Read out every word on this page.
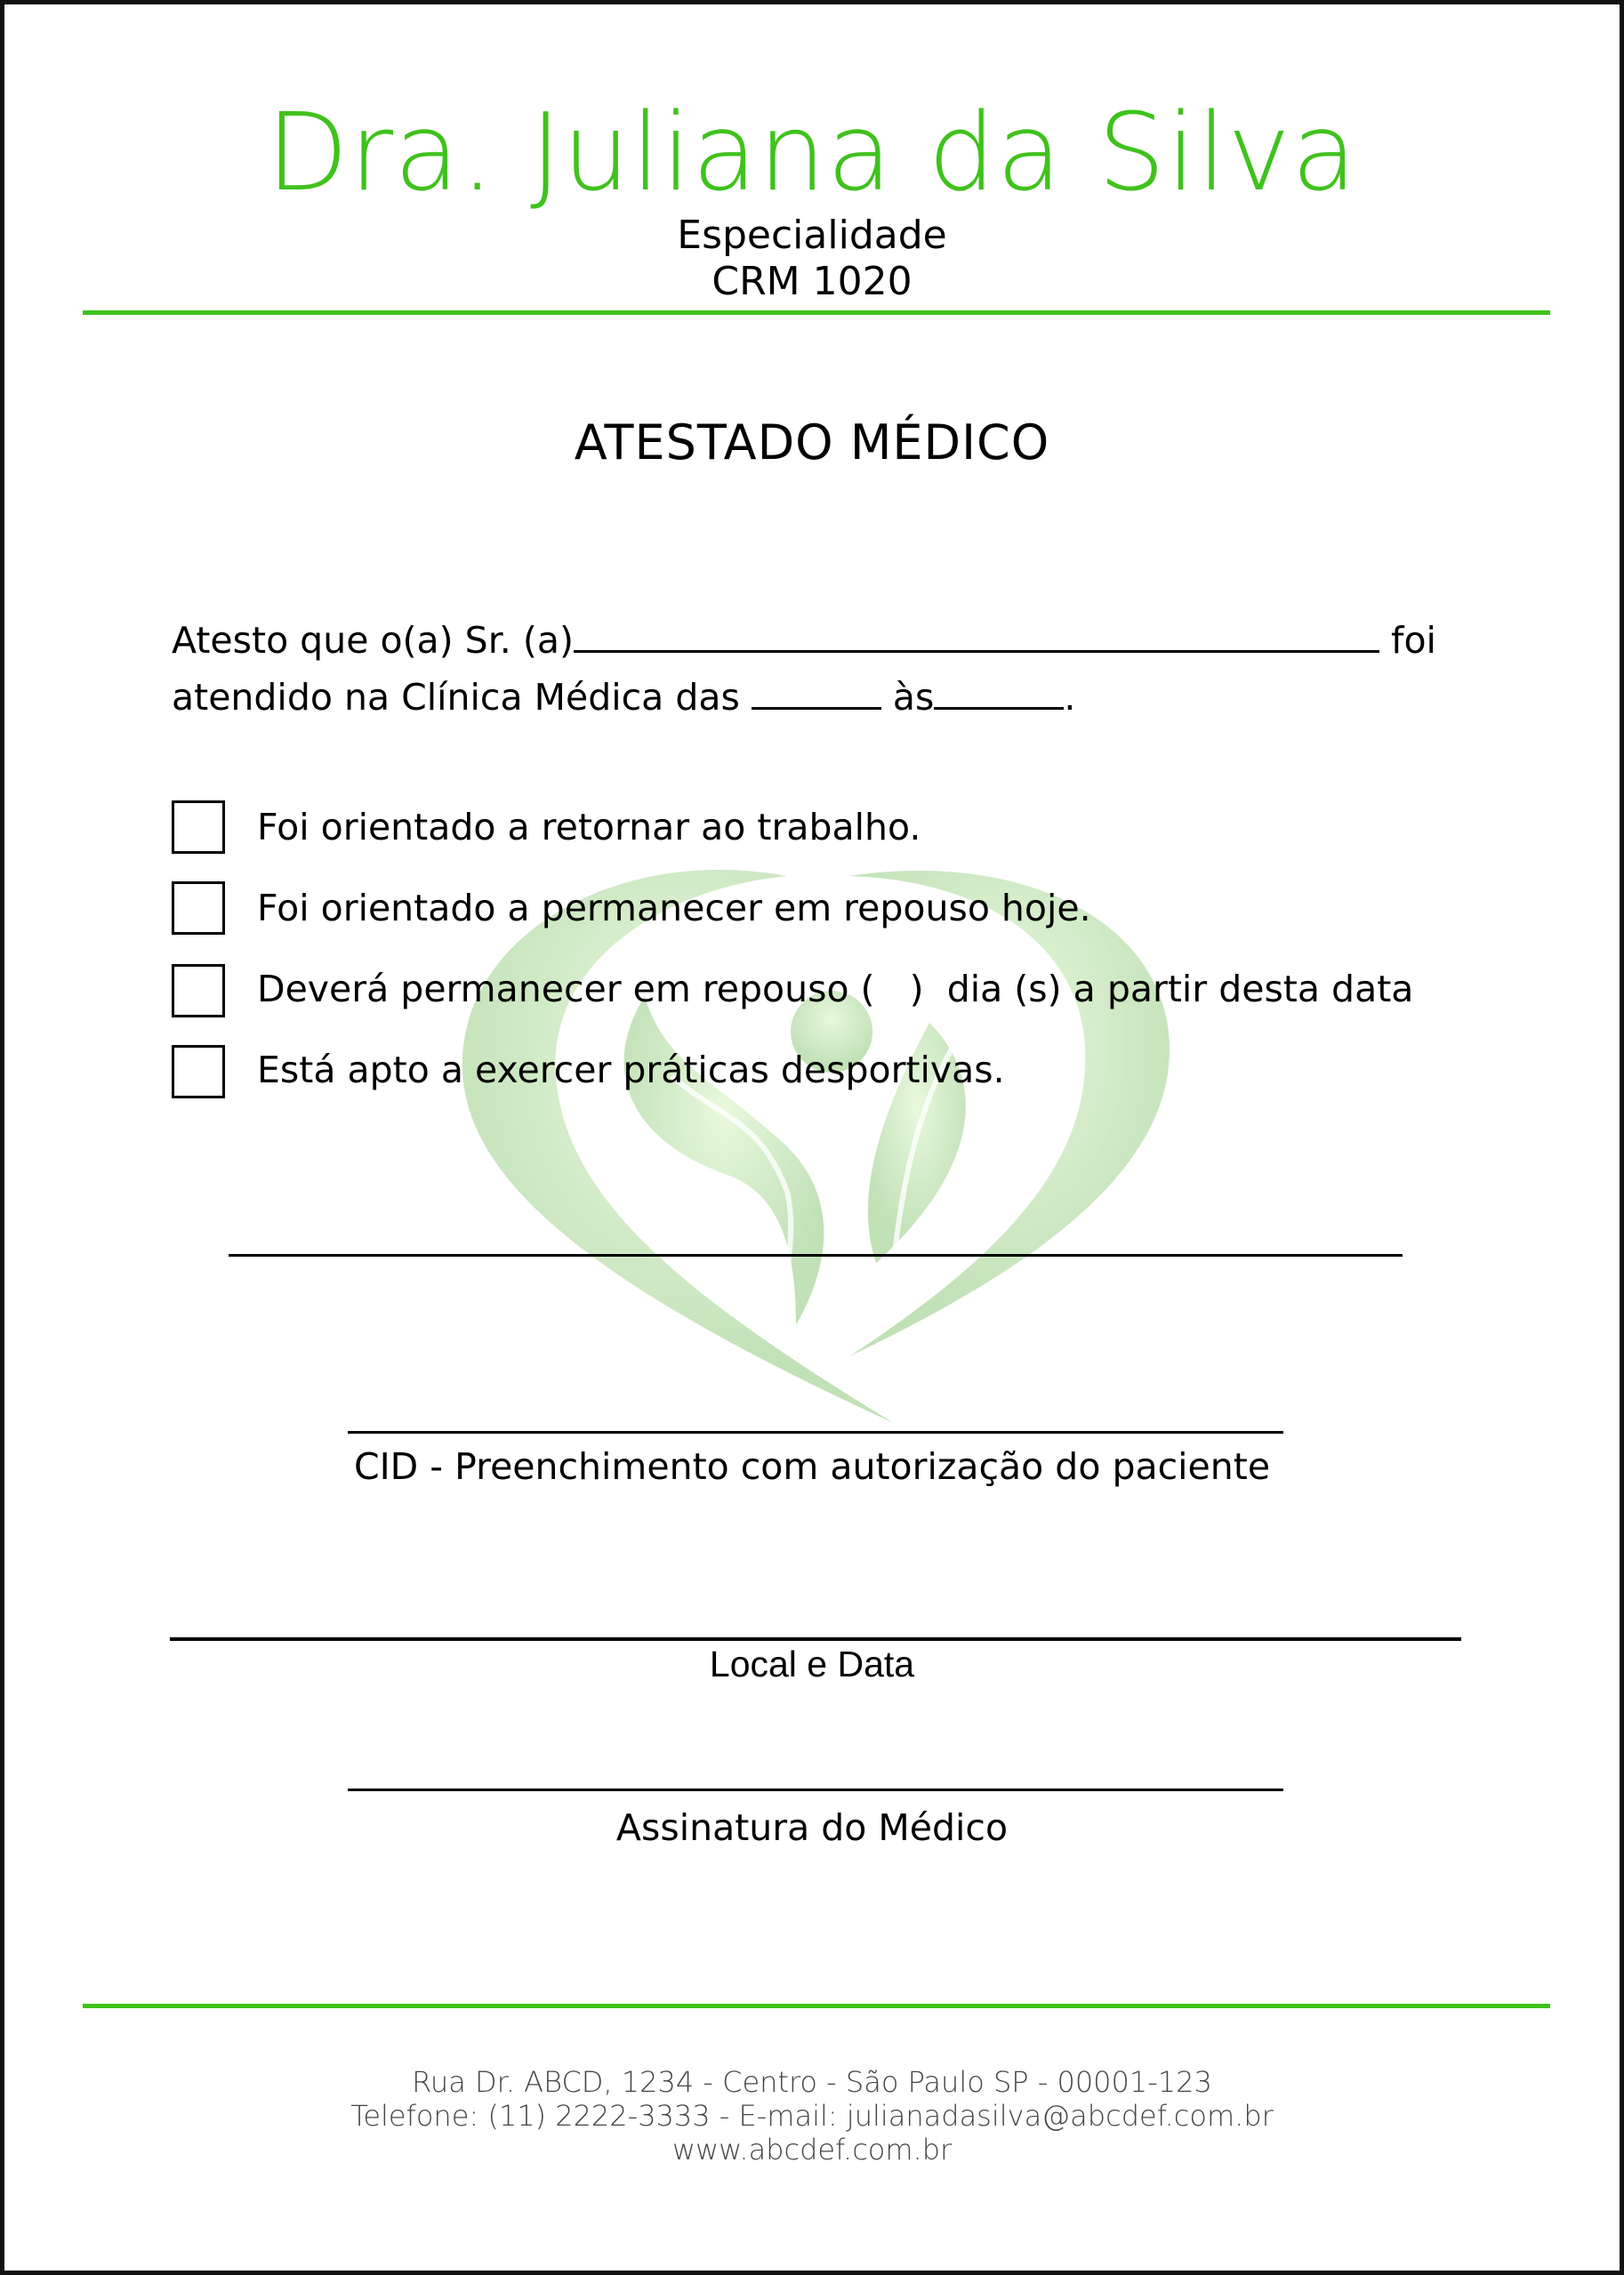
Dra. Juliana da Silva
Especialidade
CRM 1020
ATESTADO MÉDICO
Atesto que o(a) Sr. (a)	foi
atendido na Clínica Médica das	às	.
Foi orientado a retornar ao trabalho.
Foi orientado a permanecer em repouso hoje.
Deverá permanecer em repouso (   )  dia (s) a partir desta data
Está apto a exercer práticas desportivas.
CID - Preenchimento com autorização do paciente
Local e Data
Assinatura do Médico
Rua Dr. ABCD, 1234 - Centro - São Paulo SP - 00001-123
Telefone: (11) 2222-3333 - E-mail: julianadasilva@abcdef.com.br
www.abcdef.com.br
